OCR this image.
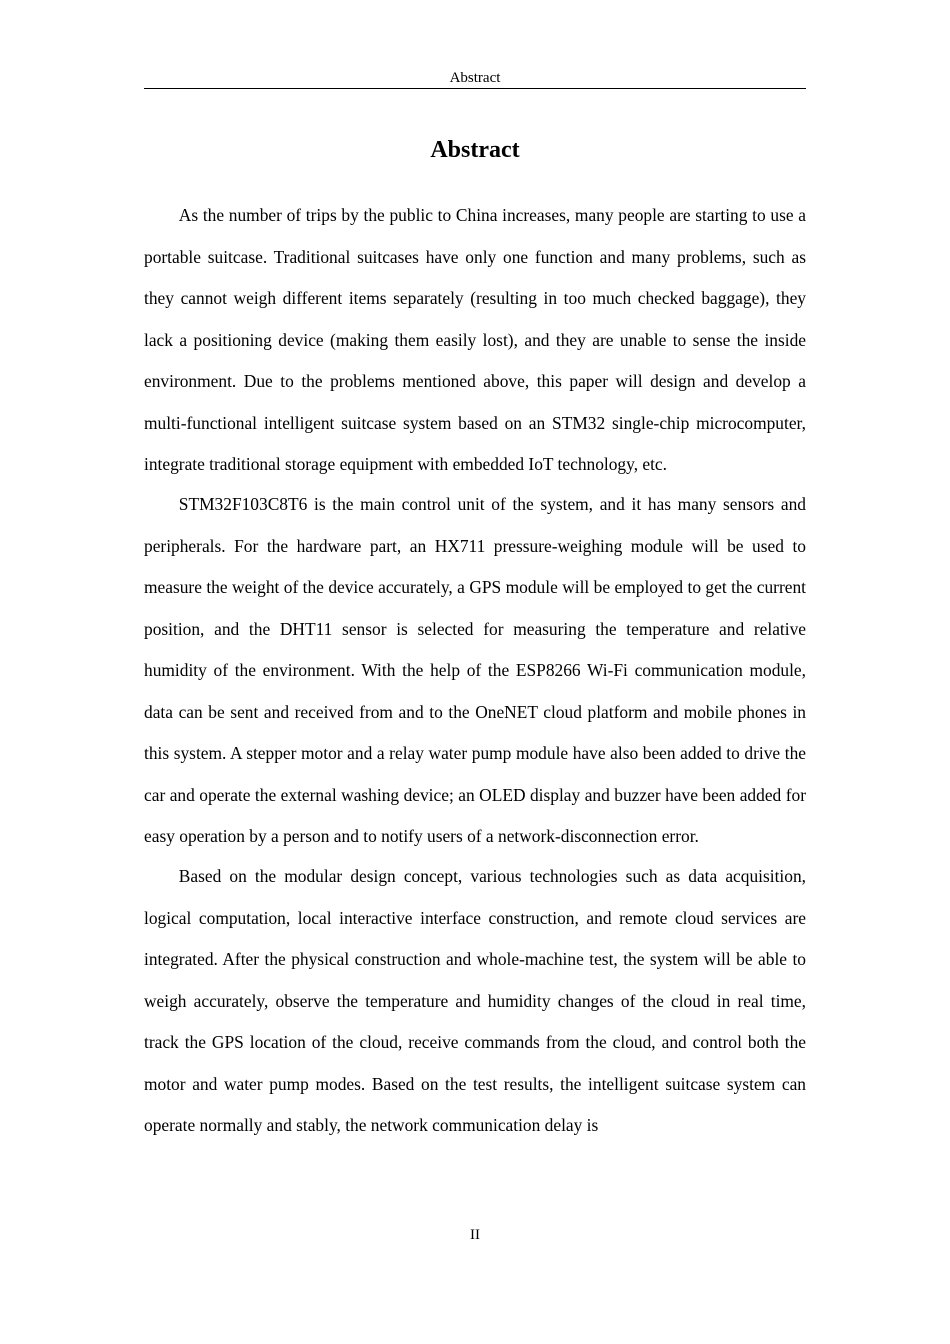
Abstract
Abstract

As the number of trips by the public to China increases, many people are starting to use a portable suitcase. Traditional suitcases have only one function and many problems, such as they cannot weigh different items separately (resulting in too much checked baggage), they lack a positioning device (making them easily lost), and they are unable to sense the inside environment. Due to the problems mentioned above, this paper will design and develop a multi-functional intelligent suitcase system based on an STM32 single-chip microcomputer, integrate traditional storage equipment with embedded IoT technology, etc.

STM32F103C8T6 is the main control unit of the system, and it has many sensors and peripherals. For the hardware part, an HX711 pressure-weighing module will be used to measure the weight of the device accurately, a GPS module will be employed to get the current position, and the DHT11 sensor is selected for measuring the temperature and relative humidity of the environment. With the help of the ESP8266 Wi-Fi communication module, data can be sent and received from and to the OneNET cloud platform and mobile phones in this system. A stepper motor and a relay water pump module have also been added to drive the car and operate the external washing device; an OLED display and buzzer have been added for easy operation by a person and to notify users of a network-disconnection error.

Based on the modular design concept, various technologies such as data acquisition, logical computation, local interactive interface construction, and remote cloud services are integrated. After the physical construction and whole-machine test, the system will be able to weigh accurately, observe the temperature and humidity changes of the cloud in real time, track the GPS location of the cloud, receive commands from the cloud, and control both the motor and water pump modes. Based on the test results, the intelligent suitcase system can operate normally and stably, the network communication delay is

II
